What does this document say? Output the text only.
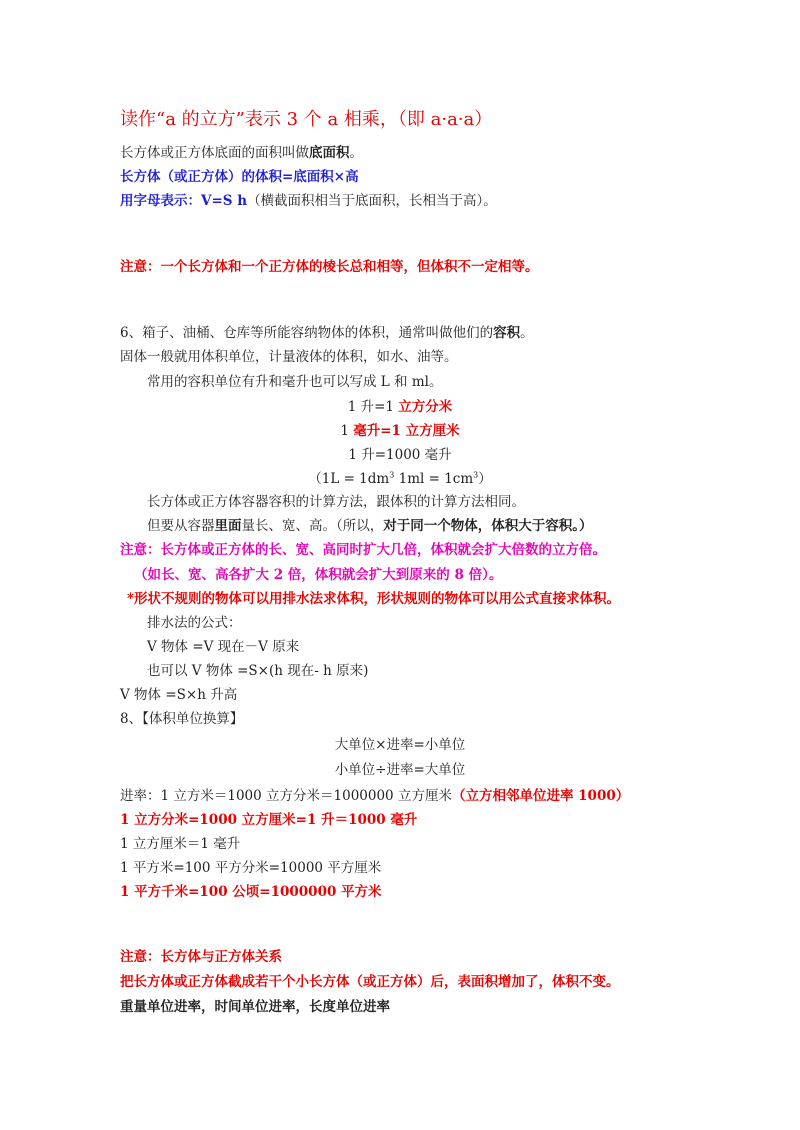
读作“a 的立方”表示 3 个 a 相乘，（即 a·a·a）
长方体或正方体底面的面积叫做底面积。
长方体（或正方体）的体积=底面积×高
用字母表示：V=S h（横截面积相当于底面积，长相当于高）。
注意：一个长方体和一个正方体的棱长总和相等，但体积不一定相等。
6、箱子、油桶、仓库等所能容纳物体的体积，通常叫做他们的容积。
固体一般就用体积单位，计量液体的体积，如水、油等。
常用的容积单位有升和毫升也可以写成 L 和 ml。
1 升=1 立方分米
1 毫升=1 立方厘米
1 升=1000 毫升
（$1L = 1dm^3$ $1ml = 1cm^3$）
长方体或正方体容器容积的计算方法，跟体积的计算方法相同。
但要从容器里面量长、宽、高。（所以，对于同一个物体，体积大于容积。）
注意：长方体或正方体的长、宽、高同时扩大几倍，体积就会扩大倍数的立方倍。
（如长、宽、高各扩大 2 倍，体积就会扩大到原来的 8 倍）。
*形状不规则的物体可以用排水法求体积，形状规则的物体可以用公式直接求体积。
排水法的公式：
V 物体 =V 现在－V 原来
也可以 V 物体 =S×(h 现在- h 原来)
V 物体 =S×h 升高
8、【体积单位换算】
大单位×进率=小单位
小单位÷进率=大单位
进率：1 立方米＝1000 立方分米＝1000000 立方厘米（立方相邻单位进率 1000）
1 立方分米=1000 立方厘米=1 升＝1000 毫升
1 立方厘米＝1 毫升
1 平方米=100 平方分米=10000 平方厘米
1 平方千米=100 公顷=1000000 平方米
注意：长方体与正方体关系
把长方体或正方体截成若干个小长方体（或正方体）后，表面积增加了，体积不变。
重量单位进率，时间单位进率，长度单位进率
